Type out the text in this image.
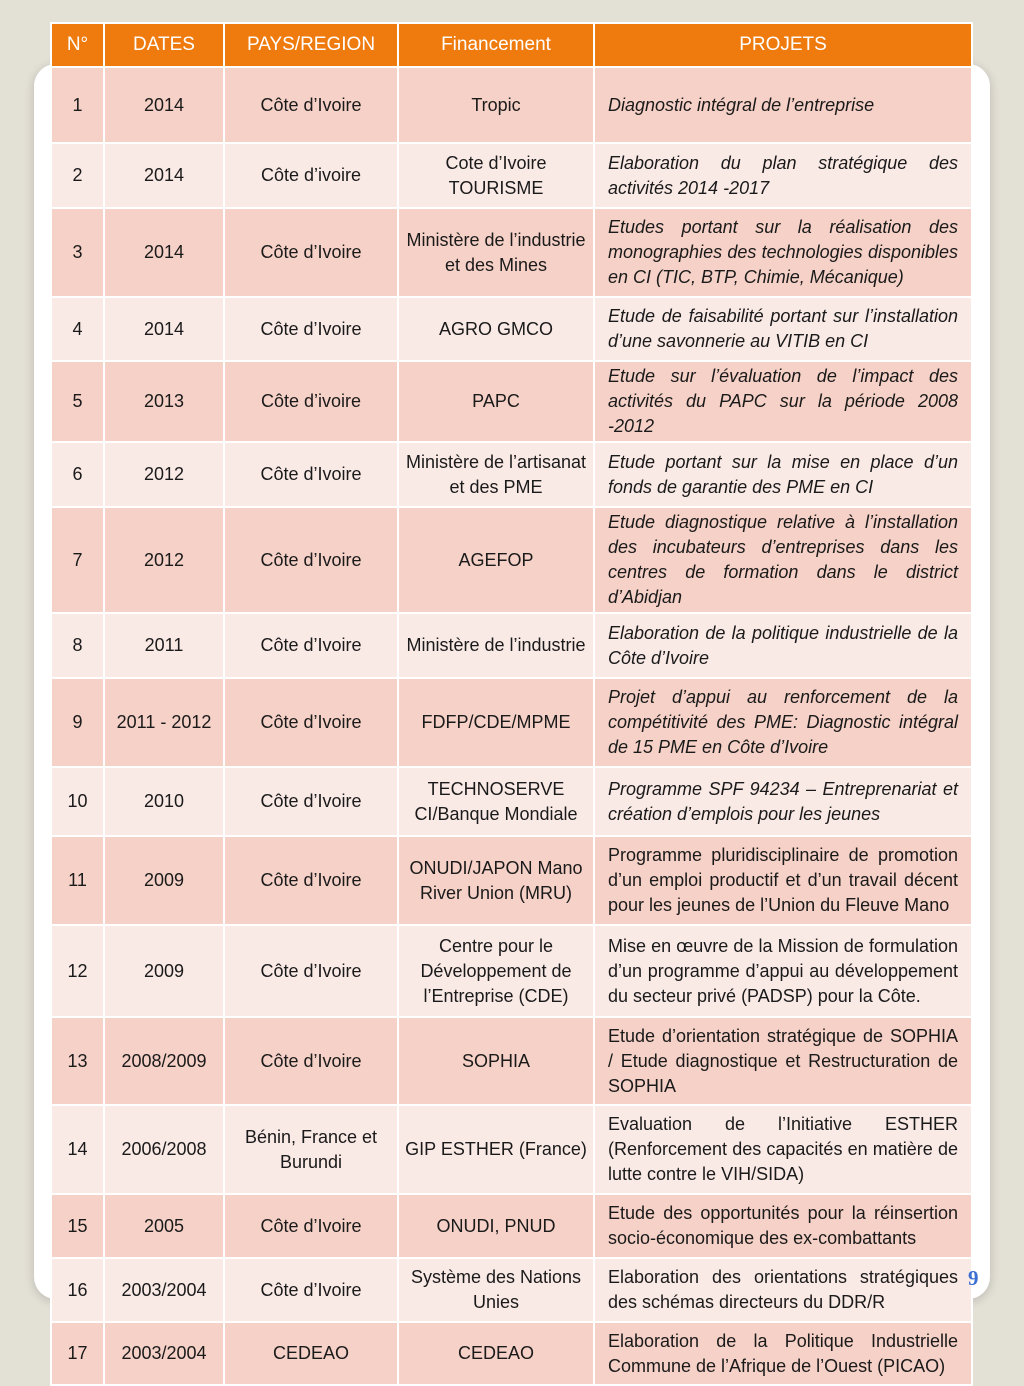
N°	DATES	PAYS/REGION	Financement	PROJETS
1	2014	Côte d’Ivoire	Tropic	Diagnostic intégral de l’entreprise
2	2014	Côte d’ivoire	Cote d’Ivoire TOURISME	Elaboration du plan stratégique des activités 2014 -2017
3	2014	Côte d’Ivoire	Ministère de l’industrie et des Mines	Etudes portant sur la réalisation des monographies des technologies disponibles en CI (TIC, BTP, Chimie, Mécanique)
4	2014	Côte d’Ivoire	AGRO GMCO	Etude de faisabilité portant sur l’installation d’une savonnerie au VITIB en CI
5	2013	Côte d’ivoire	PAPC	Etude sur l’évaluation de l’impact des activités du PAPC sur la période 2008 -2012
6	2012	Côte d’Ivoire	Ministère de l’artisanat et des PME	Etude portant sur la mise en place d’un fonds de garantie des PME en CI
7	2012	Côte d’Ivoire	AGEFOP	Etude diagnostique relative à l’installation des incubateurs d’entreprises dans les centres de formation dans le district d’Abidjan
8	2011	Côte d’Ivoire	Ministère de l’industrie	Elaboration de la politique industrielle de la Côte d’Ivoire
9	2011 - 2012	Côte d’Ivoire	FDFP/CDE/MPME	Projet d’appui au renforcement de la compétitivité des PME: Diagnostic intégral de 15 PME en Côte d’Ivoire
10	2010	Côte d’Ivoire	TECHNOSERVE CI/Banque Mondiale	Programme SPF 94234 – Entreprenariat et création d’emplois pour les jeunes
11	2009	Côte d’Ivoire	ONUDI/JAPON Mano River Union (MRU)	Programme pluridisciplinaire de promotion d’un emploi productif et d’un travail décent pour les jeunes de l’Union du Fleuve Mano
12	2009	Côte d’Ivoire	Centre pour le Développement de l’Entreprise (CDE)	Mise en œuvre de la Mission de formulation d’un programme d’appui au développement du secteur privé (PADSP) pour la Côte.
13	2008/2009	Côte d’Ivoire	SOPHIA	Etude d’orientation stratégique de SOPHIA / Etude diagnostique et Restructuration de SOPHIA
14	2006/2008	Bénin, France et Burundi	GIP ESTHER (France)	Evaluation de l’Initiative ESTHER (Renforcement des capacités en matière de lutte contre le VIH/SIDA)
15	2005	Côte d’Ivoire	ONUDI, PNUD	Etude des opportunités pour la réinsertion socio-économique des ex-combattants
16	2003/2004	Côte d’Ivoire	Système des Nations Unies	Elaboration des orientations stratégiques des schémas directeurs du DDR/R
17	2003/2004	CEDEAO	CEDEAO	Elaboration de la Politique Industrielle Commune de l’Afrique de l’Ouest (PICAO)
9
